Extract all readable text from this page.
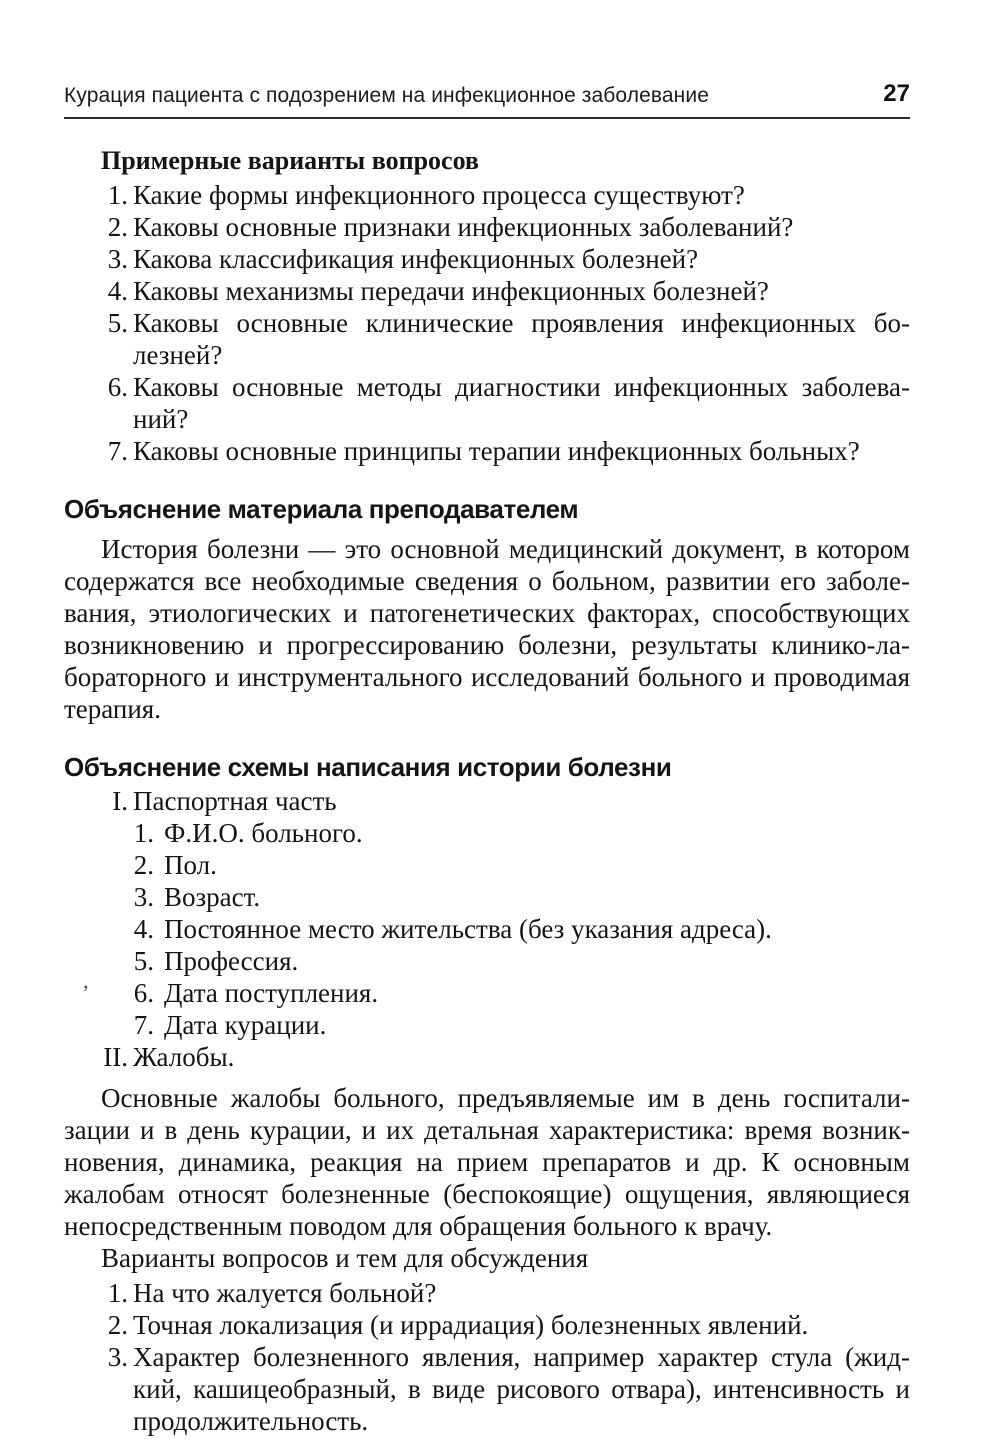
Курация пациента с подозрением на инфекционное заболевание	27
Примерные варианты вопросов
1. Какие формы инфекционного процесса существуют?
2. Каковы основные признаки инфекционных заболеваний?
3. Какова классификация инфекционных болезней?
4. Каковы механизмы передачи инфекционных болезней?
5. Каковы основные клинические проявления инфекционных болезней?
6. Каковы основные методы диагностики инфекционных заболеваний?
7. Каковы основные принципы терапии инфекционных больных?
Объяснение материала преподавателем

История болезни — это основной медицинский документ, в котором содержатся все необходимые сведения о больном, развитии его заболевания, этиологических и патогенетических факторах, способствующих возникновению и прогрессированию болезни, результаты клинико-лабораторного и инструментального исследований больного и проводимая терапия.

Объяснение схемы написания истории болезни
I. Паспортная часть
1. Ф.И.О. больного.
2. Пол.
3. Возраст.
4. Постоянное место жительства (без указания адреса).
5. Профессия.
6. Дата поступления.
7. Дата курации.
II. Жалобы.

Основные жалобы больного, предъявляемые им в день госпитализации и в день курации, и их детальная характеристика: время возникновения, динамика, реакция на прием препаратов и др. К основным жалобам относят болезненные (беспокоящие) ощущения, являющиеся непосредственным поводом для обращения больного к врачу.

Варианты вопросов и тем для обсуждения

1. На что жалуется больной?
2. Точная локализация (и иррадиация) болезненных явлений.
3. Характер болезненного явления, например характер стула (жидкий, кашицеобразный, в виде рисового отвара), интенсивность и продолжительность.
‚
